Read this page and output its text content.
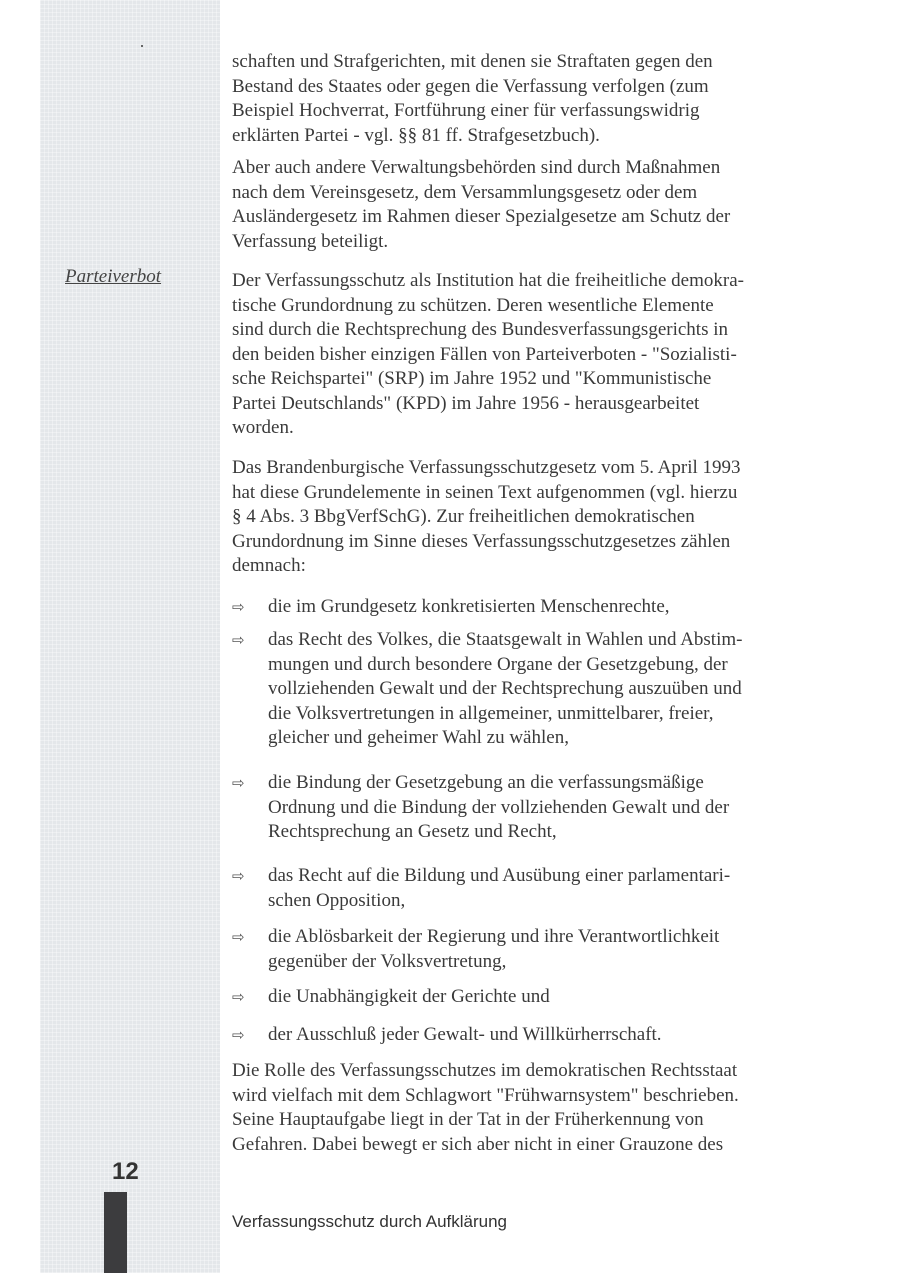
Parteiverbot
12
Verfassungsschutz durch Aufklärung
schaften und Strafgerichten, mit denen sie Straftaten gegen den
Bestand des Staates oder gegen die Verfassung verfolgen (zum
Beispiel Hochverrat, Fortführung einer für verfassungswidrig
erklärten Partei - vgl. §§ 81 ff. Strafgesetzbuch).
Aber auch andere Verwaltungsbehörden sind durch Maßnahmen
nach dem Vereinsgesetz, dem Versammlungsgesetz oder dem
Ausländergesetz im Rahmen dieser Spezialgesetze am Schutz der
Verfassung beteiligt.
Der Verfassungsschutz als Institution hat die freiheitliche demokra-
tische Grundordnung zu schützen. Deren wesentliche Elemente
sind durch die Rechtsprechung des Bundesverfassungsgerichts in
den beiden bisher einzigen Fällen von Parteiverboten - "Sozialisti-
sche Reichspartei" (SRP) im Jahre 1952 und "Kommunistische
Partei Deutschlands" (KPD) im Jahre 1956 - herausgearbeitet
worden.
Das Brandenburgische Verfassungsschutzgesetz vom 5. April 1993
hat diese Grundelemente in seinen Text aufgenommen (vgl. hierzu
§ 4 Abs. 3 BbgVerfSchG). Zur freiheitlichen demokratischen
Grundordnung im Sinne dieses Verfassungsschutzgesetzes zählen
demnach:
Die Rolle des Verfassungsschutzes im demokratischen Rechtsstaat
wird vielfach mit dem Schlagwort "Frühwarnsystem" beschrieben.
Seine Hauptaufgabe liegt in der Tat in der Früherkennung von
Gefahren. Dabei bewegt er sich aber nicht in einer Grauzone des
⇨ die im Grundgesetz konkretisierten Menschenrechte,
⇨ das Recht des Volkes, die Staatsgewalt in Wahlen und Abstim-
mungen und durch besondere Organe der Gesetzgebung, der
vollziehenden Gewalt und der Rechtsprechung auszuüben und
die Volksvertretungen in allgemeiner, unmittelbarer, freier,
gleicher und geheimer Wahl zu wählen,
⇨ die Bindung der Gesetzgebung an die verfassungsmäßige
Ordnung und die Bindung der vollziehenden Gewalt und der
Rechtsprechung an Gesetz und Recht,
⇨ das Recht auf die Bildung und Ausübung einer parlamentari-
schen Opposition,
⇨ die Ablösbarkeit der Regierung und ihre Verantwortlichkeit
gegenüber der Volksvertretung,
⇨ die Unabhängigkeit der Gerichte und
⇨ der Ausschluß jeder Gewalt- und Willkürherrschaft.
